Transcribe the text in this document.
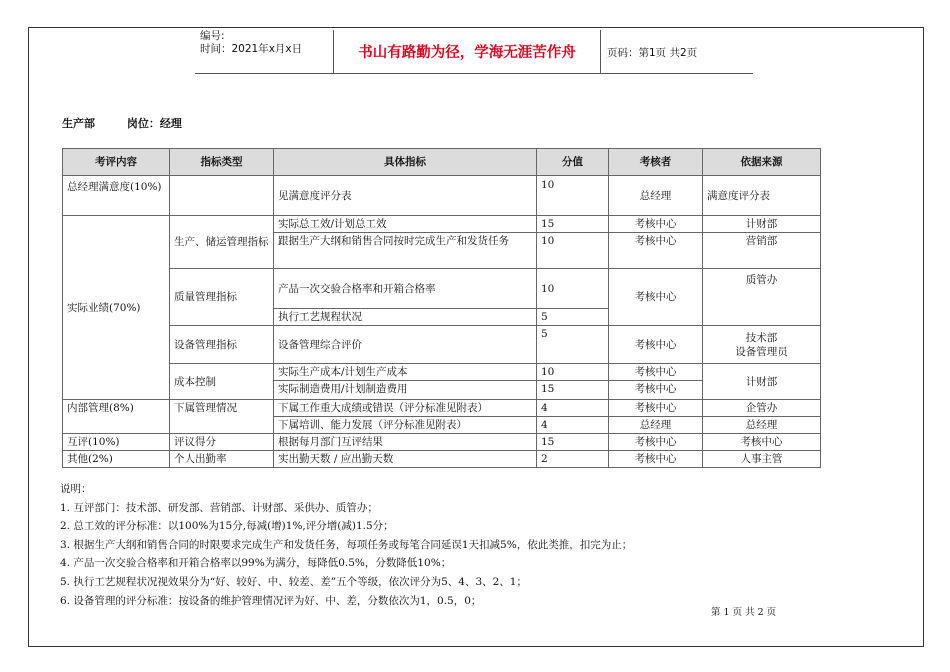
编号:
时间：2021年x月x日	书山有路勤为径，学海无涯苦作舟	页码：第1页 共2页
生产部	岗位：经理
考评内容	指标类型	具体指标	分值	考核者	依据来源
总经理满意度(10%)		见满意度评分表	10	总经理	满意度评分表
实际业绩(70%)	生产、储运管理指标	实际总工效/计划总工效	15	考核中心	计财部
		跟据生产大纲和销售合同按时完成生产和发货任务	10	考核中心	营销部
	质量管理指标	产品一次交验合格率和开箱合格率	10	考核中心	质管办
		执行工艺规程状况	5		
	设备管理指标	设备管理综合评价	5	考核中心	技术部
设备管理员

	成本控制	实际生产成本/计划生产成本	10	考核中心	计财部
		实际制造费用/计划制造费用	15	考核中心	
内部管理(8%)	下属管理情况	下属工作重大成绩或错误（评分标准见附表）	4	考核中心	企管办
		下属培训、能力发展（评分标准见附表）	4	总经理	总经理
互评(10%)	评议得分	根据每月部门互评结果	15	考核中心	考核中心
其他(2%)	个人出勤率	实出勤天数 / 应出勤天数	2	考核中心	人事主管
说明：
1. 互评部门：技术部、研发部、营销部、计财部、采供办、质管办；
2. 总工效的评分标准：以100%为15分,每减(增)1%,评分增(减)1.5分；
3. 根据生产大纲和销售合同的时限要求完成生产和发货任务，每项任务或每笔合同延误1天扣减5%，依此类推，扣完为止；
4. 产品一次交验合格率和开箱合格率以99%为满分，每降低0.5%，分数降低10%；
5. 执行工艺规程状况视效果分为“好、较好、中、较差、差”五个等级，依次评分为5、4、3、2、1；
6. 设备管理的评分标准：按设备的维护管理情况评为好、中、差，分数依次为1，0.5，0；
第 1 页 共 2 页
